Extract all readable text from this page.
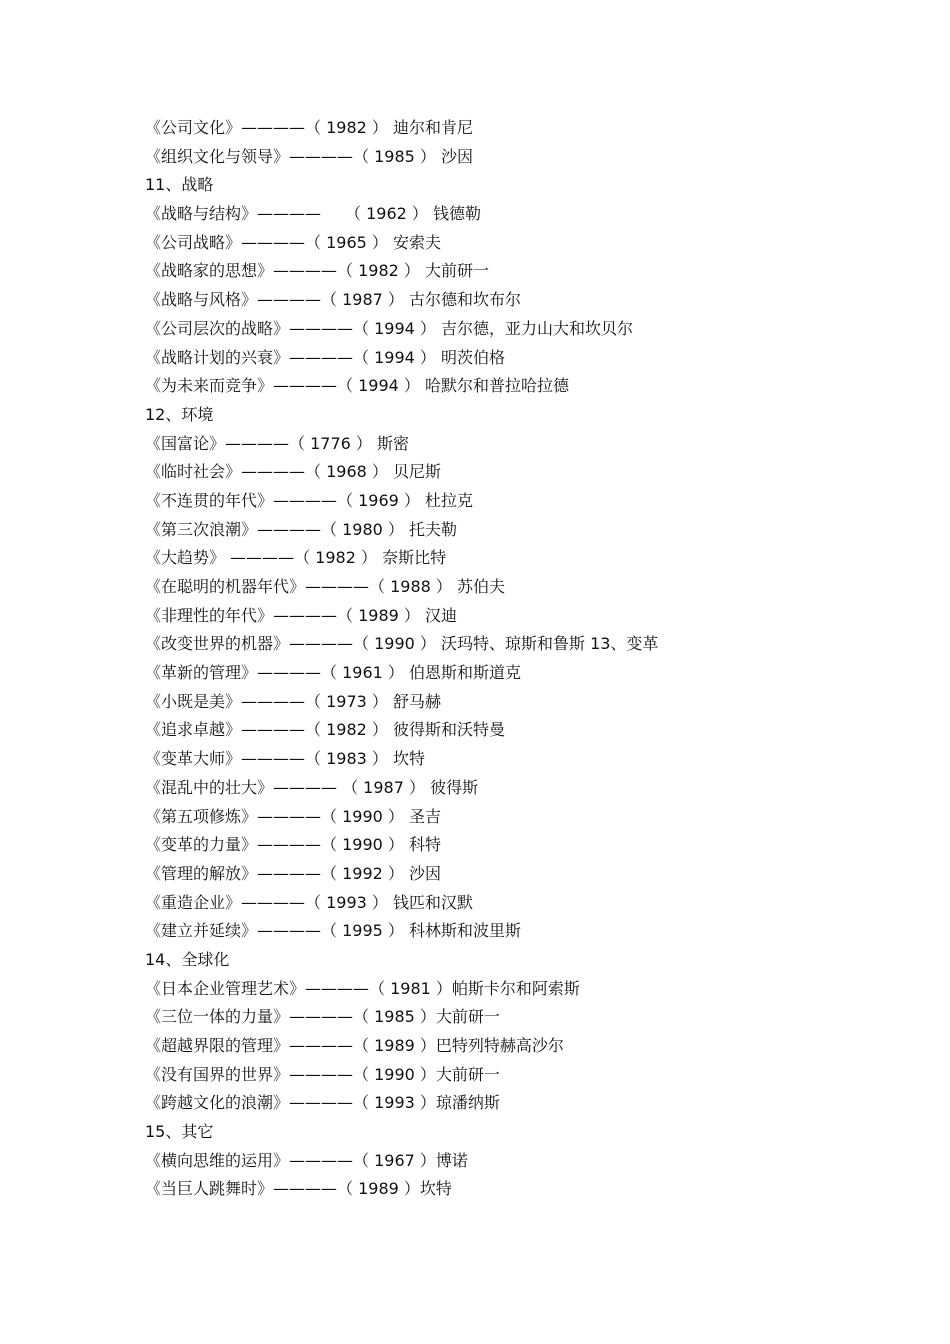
《公司文化》————（ 1982 ） 迪尔和肯尼
《组织文化与领导》————（ 1985 ） 沙因
11、战略
《战略与结构》————　　（ 1962 ） 钱德勒
《公司战略》————（ 1965 ） 安索夫
《战略家的思想》————（ 1982 ） 大前研一
《战略与风格》————（ 1987 ） 古尔德和坎布尔
《公司层次的战略》————（ 1994 ） 吉尔德，亚力山大和坎贝尔
《战略计划的兴衰》————（ 1994 ） 明茨伯格
《为未来而竞争》————（ 1994 ） 哈默尔和普拉哈拉德
12、环境
《国富论》————（ 1776 ） 斯密
《临时社会》————（ 1968 ） 贝尼斯
《不连贯的年代》————（ 1969 ） 杜拉克
《第三次浪潮》————（ 1980 ） 托夫勒
《大趋势》 ————（ 1982 ） 奈斯比特
《在聪明的机器年代》————（ 1988 ） 苏伯夫
《非理性的年代》————（ 1989 ） 汉迪
《改变世界的机器》————（ 1990 ） 沃玛特、琼斯和鲁斯 13、变革
《革新的管理》————（ 1961 ） 伯恩斯和斯道克
《小既是美》————（ 1973 ） 舒马赫
《追求卓越》————（ 1982 ） 彼得斯和沃特曼
《变革大师》————（ 1983 ） 坎特
《混乱中的壮大》———— （ 1987 ） 彼得斯
《第五项修炼》————（ 1990 ） 圣吉
《变革的力量》————（ 1990 ） 科特
《管理的解放》————（ 1992 ） 沙因
《重造企业》————（ 1993 ） 钱匹和汉默
《建立并延续》————（ 1995 ） 科林斯和波里斯
14、全球化
《日本企业管理艺术》————（ 1981 ）帕斯卡尔和阿索斯
《三位一体的力量》————（ 1985 ）大前研一
《超越界限的管理》————（ 1989 ）巴特列特赫高沙尔
《没有国界的世界》————（ 1990 ）大前研一
《跨越文化的浪潮》————（ 1993 ）琼潘纳斯
15、其它
《横向思维的运用》————（ 1967 ）博诺
《当巨人跳舞时》————（ 1989 ）坎特
